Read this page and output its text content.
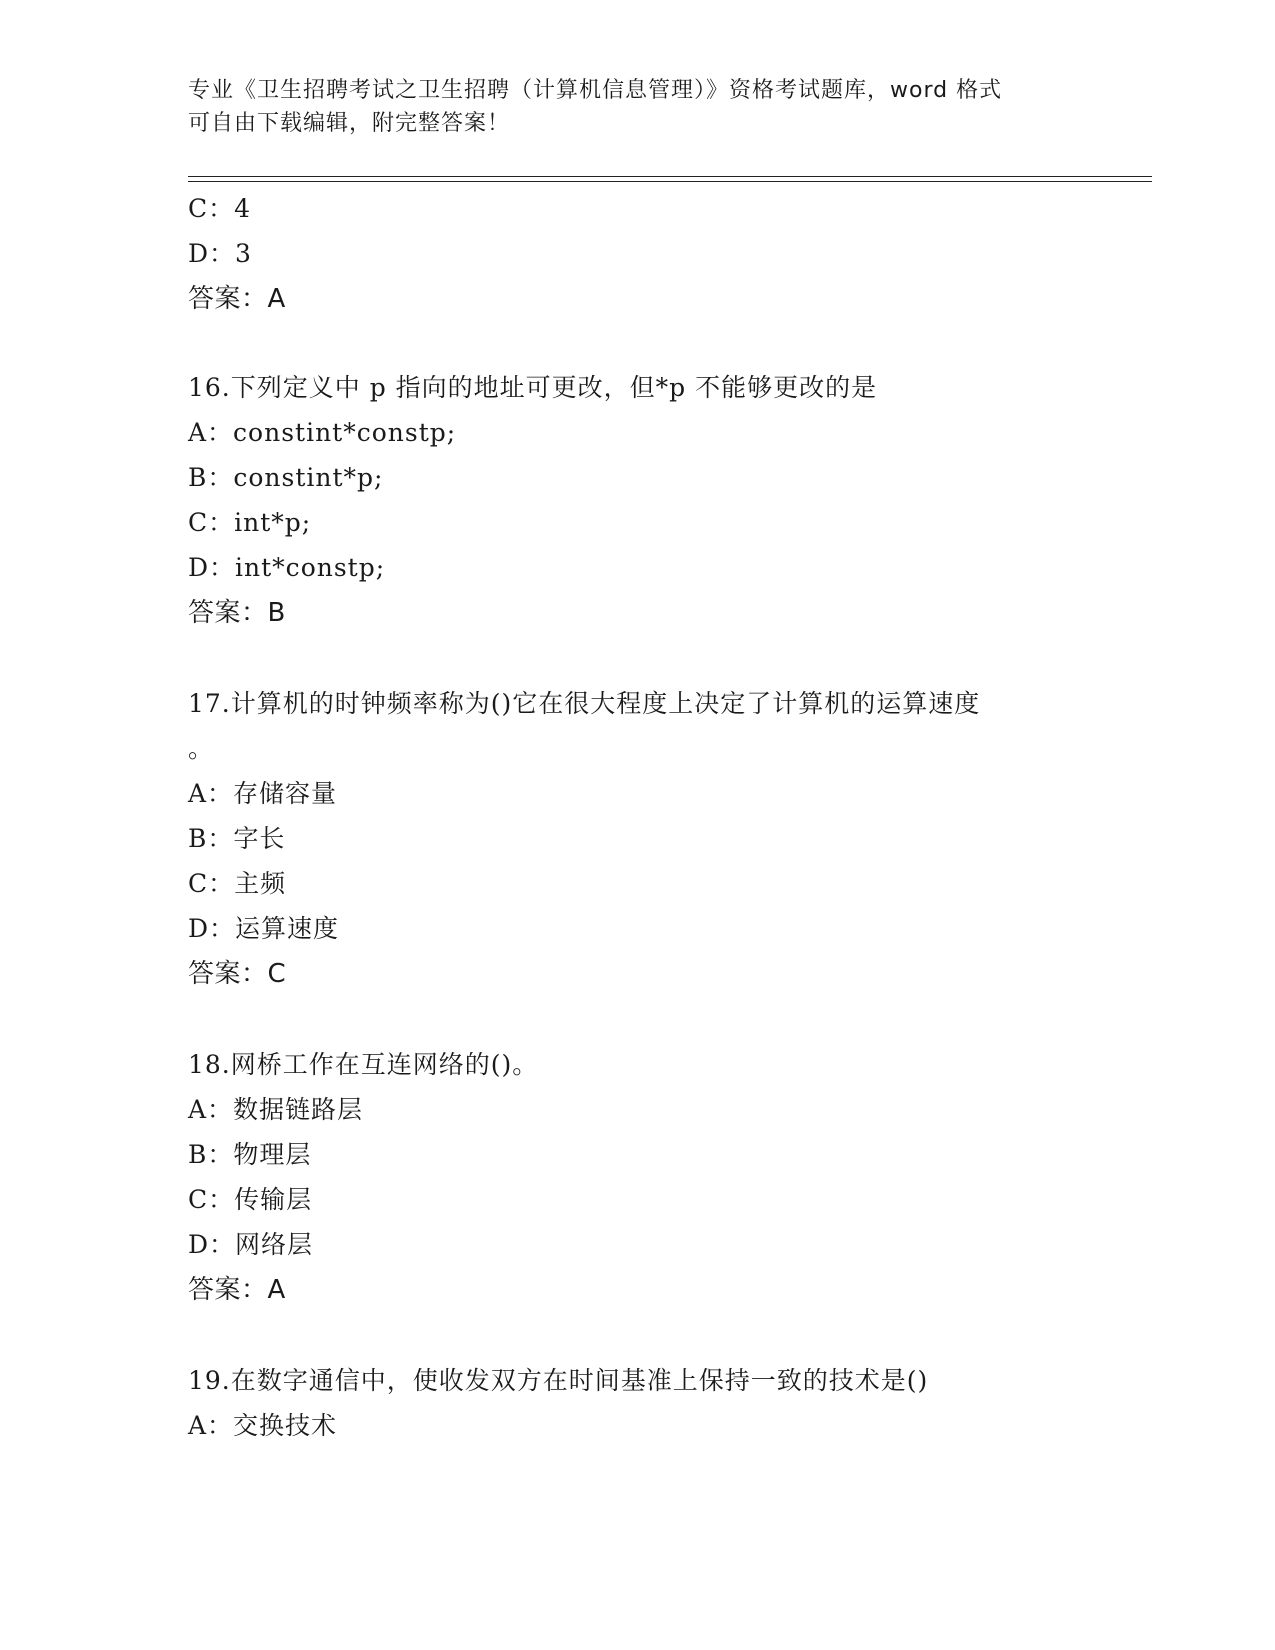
专业《卫生招聘考试之卫生招聘（计算机信息管理）》资格考试题库，word 格式
可自由下载编辑，附完整答案！
C：4
D：3
答案：A
16.下列定义中 p 指向的地址可更改，但*p 不能够更改的是
A：constint*constp;
B：constint*p;
C：int*p;
D：int*constp;
答案：B
17.计算机的时钟频率称为()它在很大程度上决定了计算机的运算速度
。
A：存储容量
B：字长
C：主频
D：运算速度
答案：C
18.网桥工作在互连网络的()。
A：数据链路层
B：物理层
C：传输层
D：网络层
答案：A
19.在数字通信中，使收发双方在时间基准上保持一致的技术是()
A：交换技术
